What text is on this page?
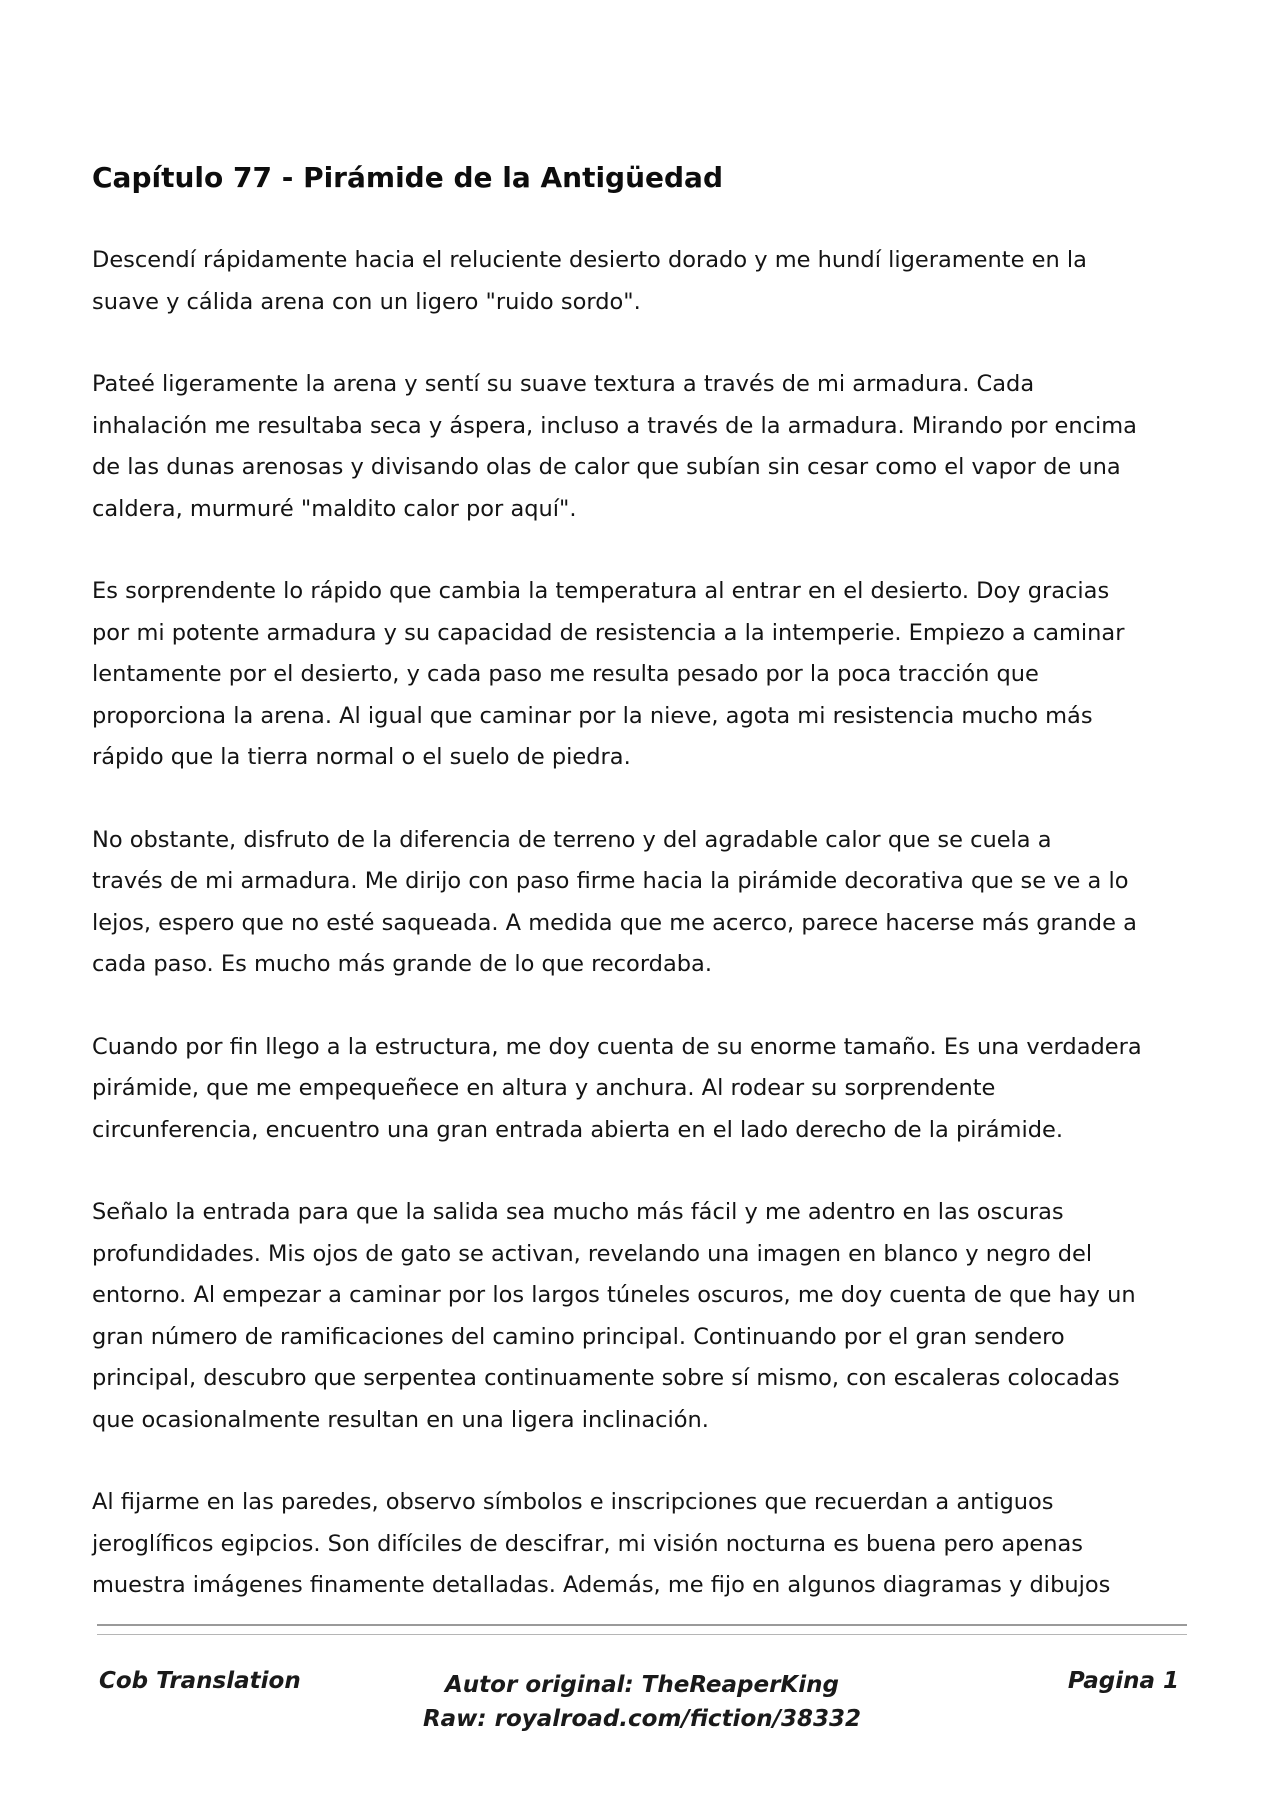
Capítulo 77 - Pirámide de la Antigüedad

Descendí rápidamente hacia el reluciente desierto dorado y me hundí ligeramente en la
suave y cálida arena con un ligero "ruido sordo".

Pateé ligeramente la arena y sentí su suave textura a través de mi armadura. Cada
inhalación me resultaba seca y áspera, incluso a través de la armadura. Mirando por encima
de las dunas arenosas y divisando olas de calor que subían sin cesar como el vapor de una
caldera, murmuré "maldito calor por aquí".

Es sorprendente lo rápido que cambia la temperatura al entrar en el desierto. Doy gracias
por mi potente armadura y su capacidad de resistencia a la intemperie. Empiezo a caminar
lentamente por el desierto, y cada paso me resulta pesado por la poca tracción que
proporciona la arena. Al igual que caminar por la nieve, agota mi resistencia mucho más
rápido que la tierra normal o el suelo de piedra.

No obstante, disfruto de la diferencia de terreno y del agradable calor que se cuela a
través de mi armadura. Me dirijo con paso firme hacia la pirámide decorativa que se ve a lo
lejos, espero que no esté saqueada. A medida que me acerco, parece hacerse más grande a
cada paso. Es mucho más grande de lo que recordaba.

Cuando por fin llego a la estructura, me doy cuenta de su enorme tamaño. Es una verdadera
pirámide, que me empequeñece en altura y anchura. Al rodear su sorprendente
circunferencia, encuentro una gran entrada abierta en el lado derecho de la pirámide.

Señalo la entrada para que la salida sea mucho más fácil y me adentro en las oscuras
profundidades. Mis ojos de gato se activan, revelando una imagen en blanco y negro del
entorno. Al empezar a caminar por los largos túneles oscuros, me doy cuenta de que hay un
gran número de ramificaciones del camino principal. Continuando por el gran sendero
principal, descubro que serpentea continuamente sobre sí mismo, con escaleras colocadas
que ocasionalmente resultan en una ligera inclinación.

Al fijarme en las paredes, observo símbolos e inscripciones que recuerdan a antiguos
jeroglíficos egipcios. Son difíciles de descifrar, mi visión nocturna es buena pero apenas
muestra imágenes finamente detalladas. Además, me fijo en algunos diagramas y dibujos

Cob Translation	Autor original: TheReaperKing
Raw: royalroad.com/fiction/38332
Pagina 1
